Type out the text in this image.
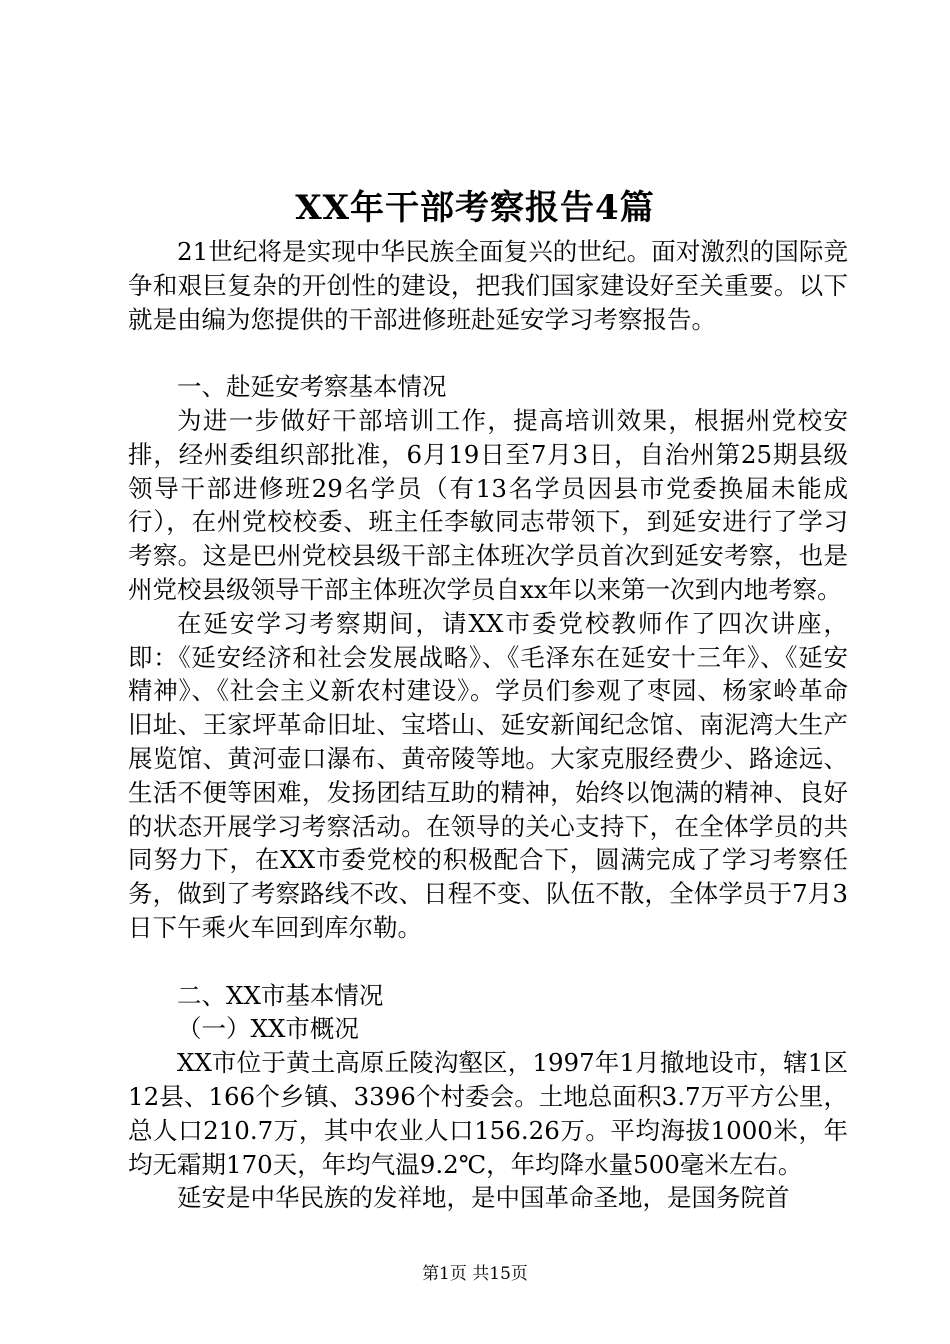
XX年干部考察报告4篇

21世纪将是实现中华民族全面复兴的世纪。面对激烈的国际竞争和艰巨复杂的开创性的建设，把我们国家建设好至关重要。以下就是由编为您提供的干部进修班赴延安学习考察报告。

一、赴延安考察基本情况

为进一步做好干部培训工作，提高培训效果，根据州党校安排，经州委组织部批准，6月19日至7月3日，自治州第25期县级领导干部进修班29名学员（有13名学员因县市党委换届未能成行），在州党校校委、班主任李敏同志带领下，到延安进行了学习考察。这是巴州党校县级干部主体班次学员首次到延安考察，也是州党校县级领导干部主体班次学员自xx年以来第一次到内地考察。

在延安学习考察期间，请XX市委党校教师作了四次讲座，即：《延安经济和社会发展战略》、《毛泽东在延安十三年》、《延安精神》、《社会主义新农村建设》。学员们参观了枣园、杨家岭革命旧址、王家坪革命旧址、宝塔山、延安新闻纪念馆、南泥湾大生产展览馆、黄河壶口瀑布、黄帝陵等地。大家克服经费少、路途远、生活不便等困难，发扬团结互助的精神，始终以饱满的精神、良好的状态开展学习考察活动。在领导的关心支持下，在全体学员的共同努力下，在XX市委党校的积极配合下，圆满完成了学习考察任务，做到了考察路线不改、日程不变、队伍不散，全体学员于7月3日下午乘火车回到库尔勒。

二、XX市基本情况

（一）XX市概况

XX市位于黄土高原丘陵沟壑区，1997年1月撤地设市，辖1区12县、166个乡镇、3396个村委会。土地总面积3.7万平方公里，总人口210.7万，其中农业人口156.26万。平均海拔1000米，年均无霜期170天，年均气温9.2℃，年均降水量500毫米左右。

延安是中华民族的发祥地，是中国革命圣地，是国务院首

第1页 共15页
